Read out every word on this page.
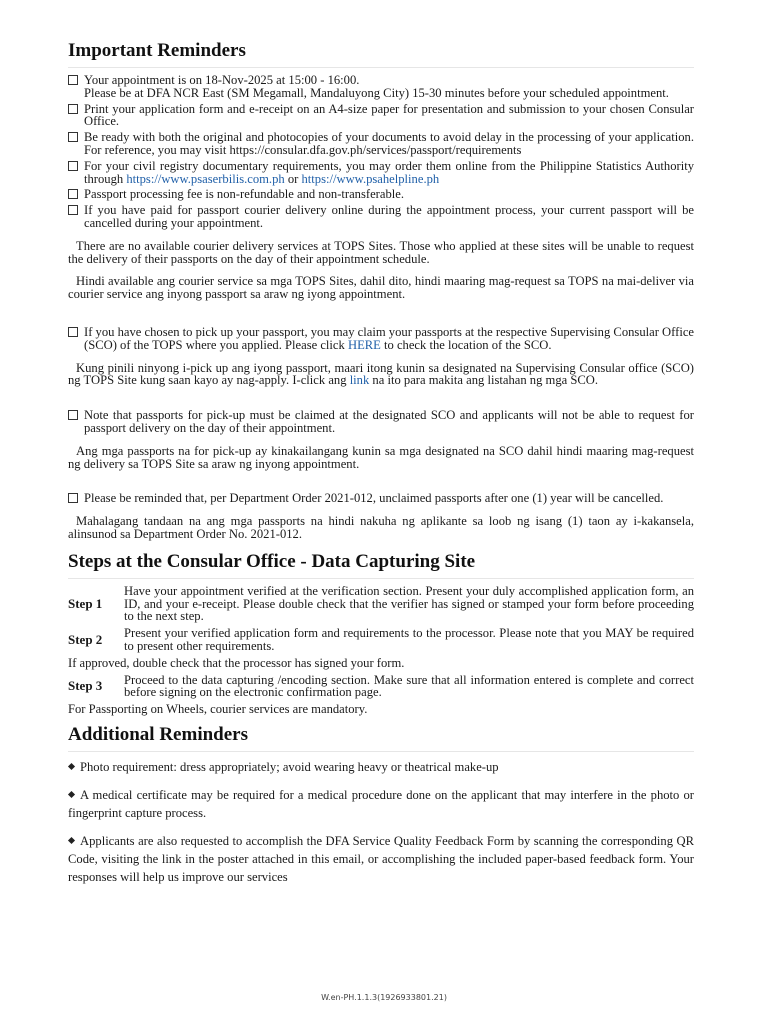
Important Reminders
Your appointment is on 18-Nov-2025 at 15:00 - 16:00.
Please be at DFA NCR East (SM Megamall, Mandaluyong City) 15-30 minutes before your scheduled appointment.
Print your application form and e-receipt on an A4-size paper for presentation and submission to your chosen Consular Office.
Be ready with both the original and photocopies of your documents to avoid delay in the processing of your application. For reference, you may visit https://consular.dfa.gov.ph/services/passport/requirements
For your civil registry documentary requirements, you may order them online from the Philippine Statistics Authority through https://www.psaserbilis.com.ph or https://www.psahelpline.ph
Passport processing fee is non-refundable and non-transferable.
If you have paid for passport courier delivery online during the appointment process, your current passport will be cancelled during your appointment.

There are no available courier delivery services at TOPS Sites. Those who applied at these sites will be unable to request the delivery of their passports on the day of their appointment schedule.

Hindi available ang courier service sa mga TOPS Sites, dahil dito, hindi maaring mag-request sa TOPS na mai-deliver via courier service ang inyong passport sa araw ng iyong appointment.

If you have chosen to pick up your passport, you may claim your passports at the respective Supervising Consular Office (SCO) of the TOPS where you applied. Please click HERE to check the location of the SCO.

Kung pinili ninyong i-pick up ang iyong passport, maari itong kunin sa designated na Supervising Consular office (SCO) ng TOPS Site kung saan kayo ay nag-apply. I-click ang link na ito para makita ang listahan ng mga SCO.

Note that passports for pick-up must be claimed at the designated SCO and applicants will not be able to request for passport delivery on the day of their appointment.

Ang mga passports na for pick-up ay kinakailangang kunin sa mga designated na SCO dahil hindi maaring mag-request ng delivery sa TOPS Site sa araw ng inyong appointment.

Please be reminded that, per Department Order 2021-012, unclaimed passports after one (1) year will be cancelled.

Mahalagang tandaan na ang mga passports na hindi nakuha ng aplikante sa loob ng isang (1) taon ay i-kakansela, alinsunod sa Department Order No. 2021-012.

Steps at the Consular Office - Data Capturing Site
Step 1
Have your appointment verified at the verification section. Present your duly accomplished application form, an ID, and your e-receipt. Please double check that the verifier has signed or stamped your form before proceeding to the next step.
Step 2	Present your verified application form and requirements to the processor. Please note that you MAY be required to present other requirements.

If approved, double check that the processor has signed your form.

Step 3	Proceed to the data capturing /encoding section. Make sure that all information entered is complete and correct before signing on the electronic confirmation page.

For Passporting on Wheels, courier services are mandatory.

Additional Reminders

Photo requirement: dress appropriately; avoid wearing heavy or theatrical make-up

A medical certificate may be required for a medical procedure done on the applicant that may interfere in the photo or fingerprint capture process.

Applicants are also requested to accomplish the DFA Service Quality Feedback Form by scanning the corresponding QR Code, visiting the link in the poster attached in this email, or accomplishing the included paper-based feedback form. Your responses will help us improve our services

W.en-PH.1.1.3(1926933801.21)
